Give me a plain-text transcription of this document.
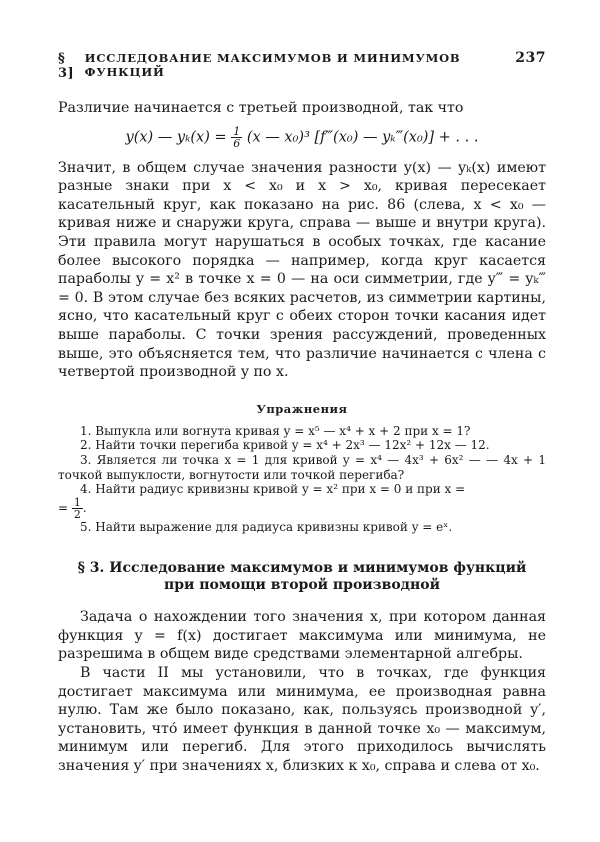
§ 3]
ИССЛЕДОВАНИЕ МАКСИМУМОВ И МИНИМУМОВ ФУНКЦИЙ
237

Различие начинается с третьей производной, так что

y(x) — $y_k(x) = \frac{1}{6} (x$ — x₀)³ [f‴(x₀) — yₖ‴(x₀)] + . . .

Значит, в общем случае значения разности y(x) — yₖ(x) имеют разные знаки при x < x₀ и x > x₀, кривая пересекает касательный круг, как показано на рис. 86 (слева, x < x₀ — кривая ниже и снаружи круга, справа — выше и внутри круга). Эти правила могут нарушаться в особых точках, где касание более высокого порядка — например, когда круг касается параболы y = x² в точке x = 0 — на оси симметрии, где y‴ = yₖ‴ = 0. В этом случае без всяких расчетов, из симметрии картины, ясно, что касательный круг с обеих сторон точки касания идет выше параболы. С точки зрения рассуждений, проведенных выше, это объясняется тем, что различие начинается с члена с четвертой производной y по x.

Упражнения
1. Выпукла или вогнута кривая y = x⁵ — x⁴ + x + 2 при x = 1?
2. Найти точки перегиба кривой y = x⁴ + 2x³ — 12x² + 12x — 12.
3. Является ли точка x = 1 для кривой y = x⁴ — 4x³ + 6x² — — 4x + 1 точкой выпуклости, вогнутости или точкой перегиба?
4. Найти радиус кривизны кривой y = x² при x = 0 и при x =
= $\frac{1}{2}$ .
5. Найти выражение для радиуса кривизны кривой y = eˣ.
§ 3. Исследование максимумов и минимумов функций
при помощи второй производной

Задача о нахождении того значения x, при котором данная функция y = f(x) достигает максимума или минимума, не разрешима в общем виде средствами элементарной алгебры.

В части II мы установили, что в точках, где функция достигает максимума или минимума, ее производная равна нулю. Там же было показано, как, пользуясь производной y′, установить, что́ имеет функция в данной точке x₀ — максимум, минимум или перегиб. Для этого приходилось вычислять значения y′ при значениях x, близких к x₀, справа и слева от x₀.
